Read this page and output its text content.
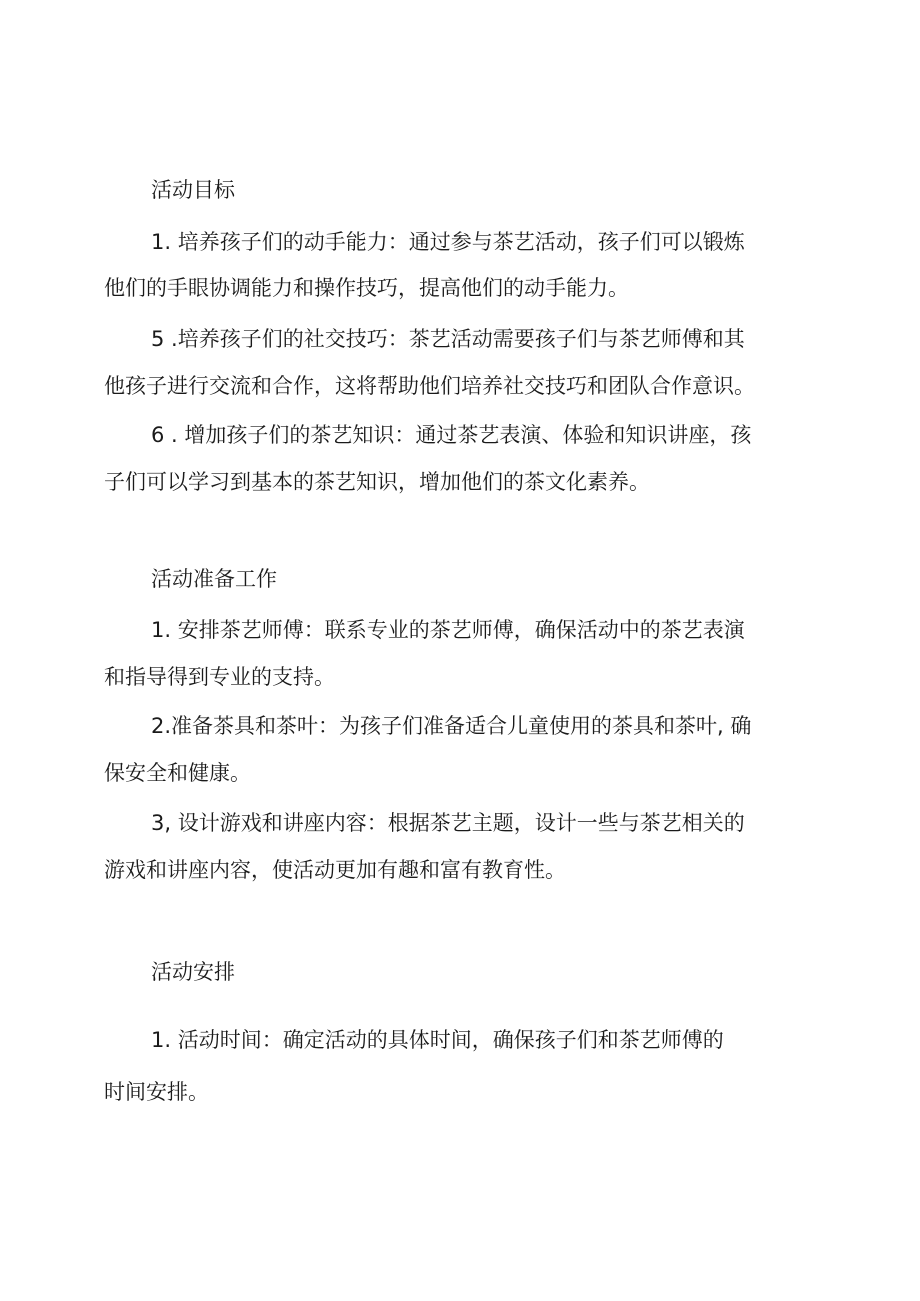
活动目标
1. 培养孩子们的动手能力：通过参与茶艺活动，孩子们可以锻炼
他们的手眼协调能力和操作技巧，提高他们的动手能力。
5 .培养孩子们的社交技巧：茶艺活动需要孩子们与茶艺师傅和其
他孩子进行交流和合作，这将帮助他们培养社交技巧和团队合作意识。
6 . 增加孩子们的茶艺知识：通过茶艺表演、体验和知识讲座，孩
子们可以学习到基本的茶艺知识，增加他们的茶文化素养。
活动准备工作
1. 安排茶艺师傅：联系专业的茶艺师傅，确保活动中的茶艺表演
和指导得到专业的支持。
2.准备茶具和茶叶：为孩子们准备适合儿童使用的茶具和茶叶, 确
保安全和健康。
3, 设计游戏和讲座内容：根据茶艺主题，设计一些与茶艺相关的
游戏和讲座内容，使活动更加有趣和富有教育性。
活动安排
1. 活动时间：确定活动的具体时间，确保孩子们和茶艺师傅的
时间安排。
